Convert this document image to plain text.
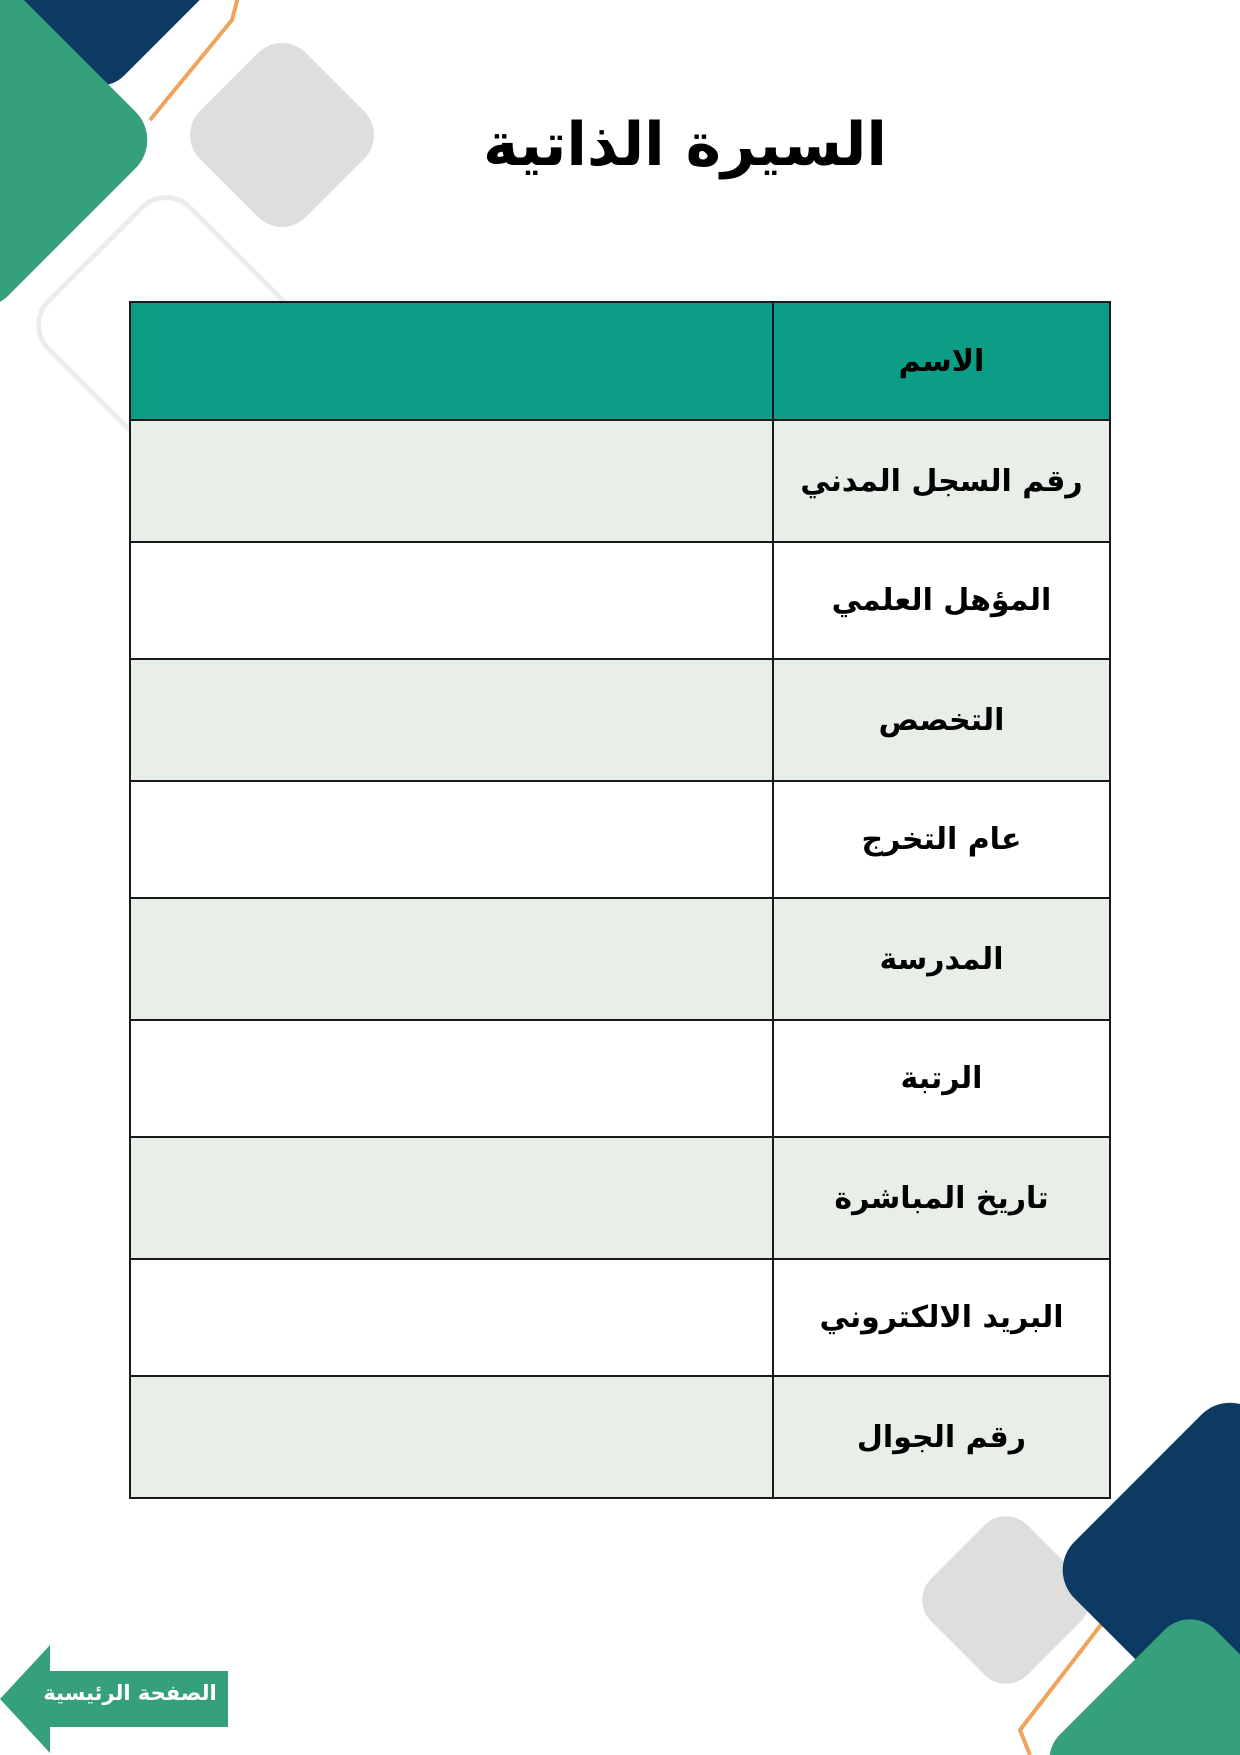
السيرة الذاتية
الاسم	
رقم السجل المدني	
المؤهل العلمي	
التخصص	
عام التخرج	
المدرسة	
الرتبة	
تاريخ المباشرة	
البريد الالكتروني	
رقم الجوال	
الصفحة الرئيسية
